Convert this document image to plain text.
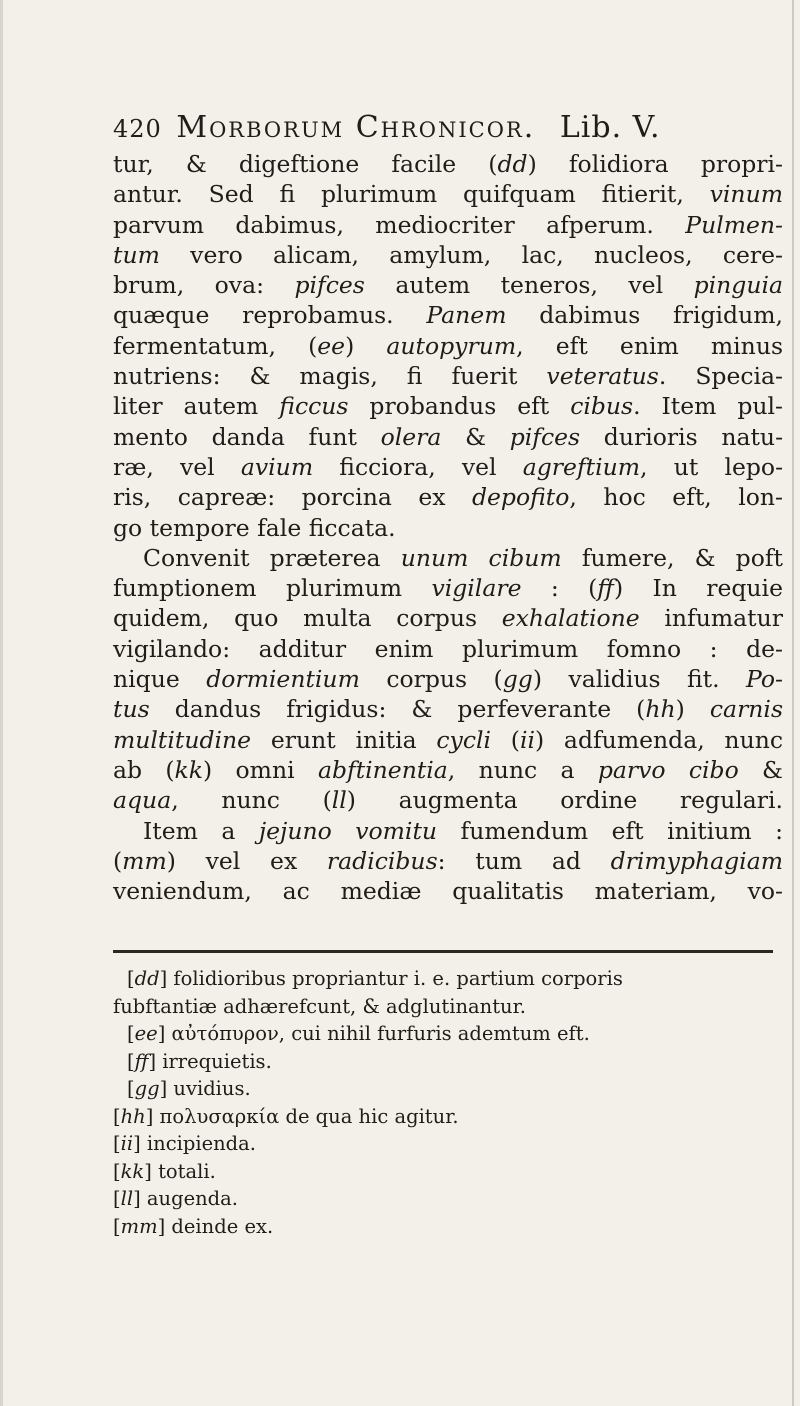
420 Morborum Chronicor. Lib. V.
tur, & digeftione facile (dd) folidiora propri-
antur. Sed fi plurimum quifquam fitierit, vinum
parvum dabimus, mediocriter afperum. Pulmen-
tum vero alicam, amylum, lac, nucleos, cere-
brum, ova: pifces autem teneros, vel pinguia
quæque reprobamus. Panem dabimus frigidum,
fermentatum, (ee) autopyrum, eft enim minus
nutriens: & magis, fi fuerit veteratus. Specia-
liter autem ficcus probandus eft cibus. Item pul-
mento danda funt olera & pifces durioris natu-
ræ, vel avium ficciora, vel agreftium, ut lepo-
ris, capreæ: porcina ex depofito, hoc eft, lon-
go tempore fale ficcata.
Convenit præterea unum cibum fumere, & poft
fumptionem plurimum vigilare : (ff) In requie
quidem, quo multa corpus exhalatione infumatur
vigilando: additur enim plurimum fomno : de-
nique dormientium corpus (gg) validius fit. Po-
tus dandus frigidus: & perfeverante (hh) carnis
multitudine erunt initia cycli (ii) adfumenda, nunc
ab (kk) omni abftinentia, nunc a parvo cibo &
aqua, nunc (ll) augmenta ordine regulari.
Item a jejuno vomitu fumendum eft initium :
(mm) vel ex radicibus: tum ad drimyphagiam
veniendum, ac mediæ qualitatis materiam, vo-
[dd] folidioribus propriantur i. e. partium corporis
fubftantiæ adhærefcunt, & adglutinantur.
[ee] αὐτόπυρον, cui nihil furfuris ademtum eft.
[ff] irrequietis.
[gg] uvidius.
[hh] πολυσαρκία de qua hic agitur.
[ii] incipienda.
[kk] totali.
[ll] augenda.
[mm] deinde ex.
